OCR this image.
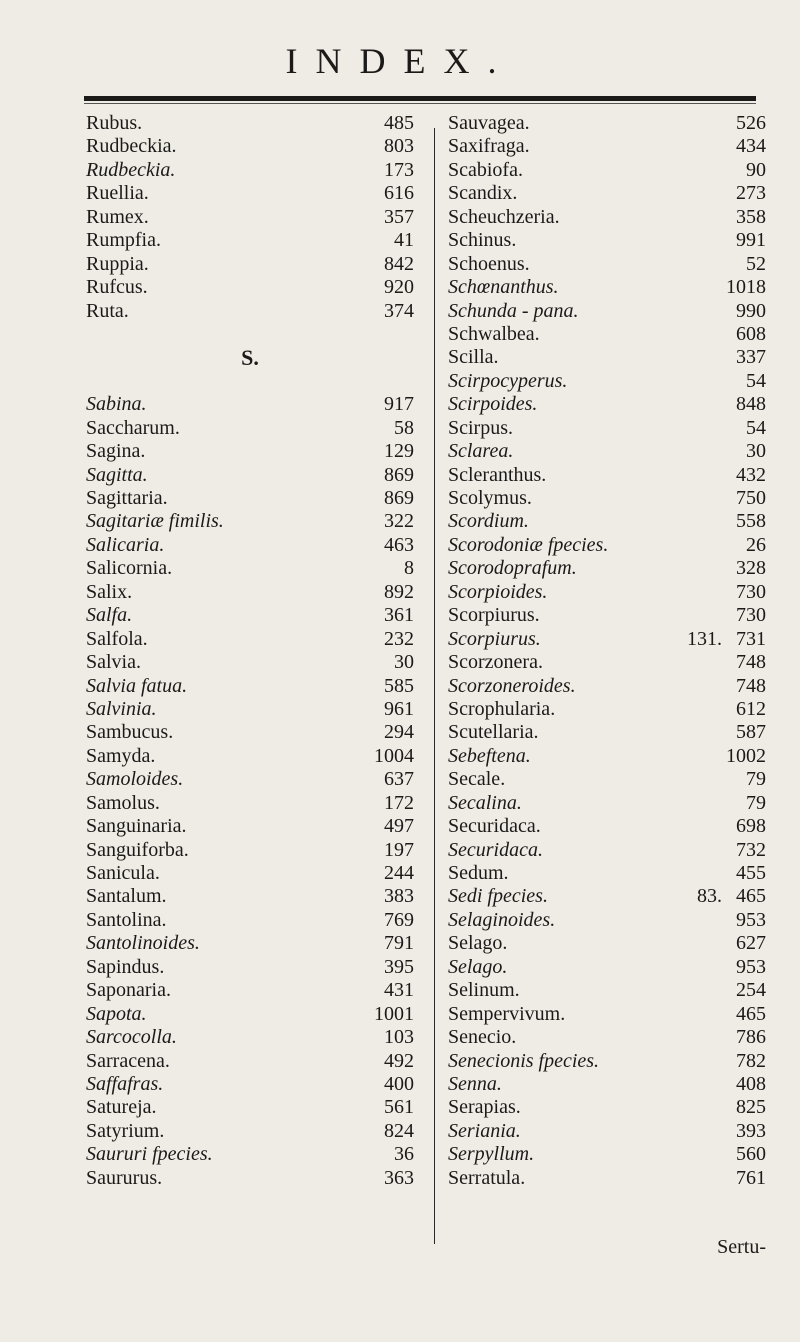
INDEX.
Rubus.	485
Rudbeckia.	803
Rudbeckia.	173
Ruellia.	616
Rumex.	357
Rumpfia.	41
Ruppia.	842
Rufcus.	920
Ruta.	374
S.
Sabina.	917
Saccharum.	58
Sagina.	129
Sagitta.	869
Sagittaria.	869
Sagitariæ fimilis.	322
Salicaria.	463
Salicornia.	8
Salix.	892
Salfa.	361
Salfola.	232
Salvia.	30
Salvia fatua.	585
Salvinia.	961
Sambucus.	294
Samyda.	1004
Samoloides.	637
Samolus.	172
Sanguinaria.	497
Sanguiforba.	197
Sanicula.	244
Santalum.	383
Santolina.	769
Santolinoides.	791
Sapindus.	395
Saponaria.	431
Sapota.	1001
Sarcocolla.	103
Sarracena.	492
Saffafras.	400
Satureja.	561
Satyrium.	824
Saururi fpecies.	36
Saururus.	363
Sauvagea.	526
Saxifraga.	434
Scabiofa.	90
Scandix.	273
Scheuchzeria.	358
Schinus.	991
Schoenus.	52
Schœnanthus.	1018
Schunda - pana.	990
Schwalbea.	608
Scilla.	337
Scirpocyperus.	54
Scirpoides.	848
Scirpus.	54
Sclarea.	30
Scleranthus.	432
Scolymus.	750
Scordium.	558
Scorodoniæ fpecies.	26
Scorodoprafum.	328
Scorpioides.	730
Scorpiurus.	730
Scorpiurus.	131. 731
Scorzonera.	748
Scorzoneroides.	748
Scrophularia.	612
Scutellaria.	587
Sebeftena.	1002
Secale.	79
Secalina.	79
Securidaca.	698
Securidaca.	732
Sedum.	455
Sedi fpecies.	83. 465
Selaginoides.	953
Selago.	627
Selago.	953
Selinum.	254
Sempervivum.	465
Senecio.	786
Senecionis fpecies.	782
Senna.	408
Serapias.	825
Seriania.	393
Serpyllum.	560
Serratula.	761
Sertu-
